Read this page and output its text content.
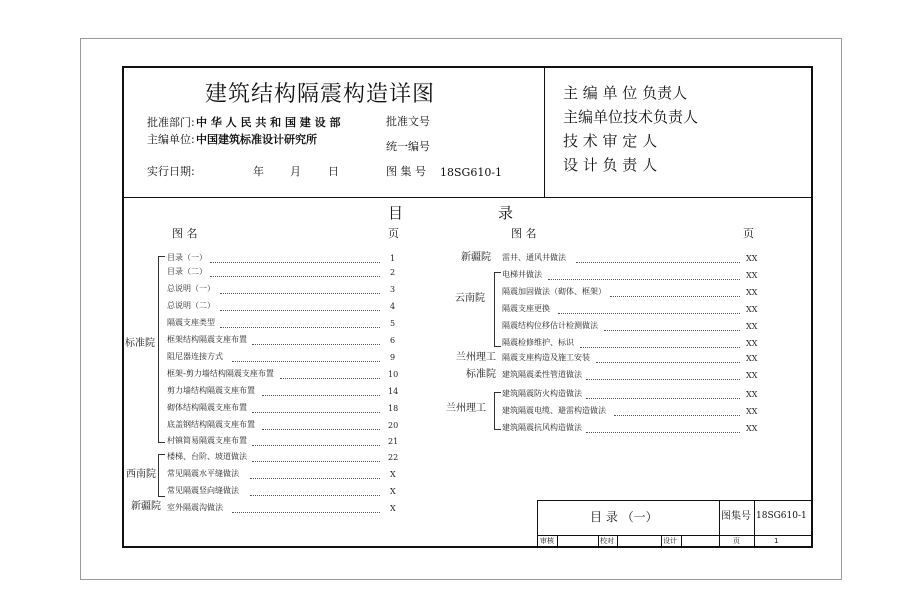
建筑结构隔震构造详图
批准部门: 中 华 人 民 共 和 国 建 设 部
主编单位: 中国建筑标准设计研究所
实行日期:	年 月 日
批准文号
统一编号
图 集 号 18SG610-1
主 编 单 位 负责人
主编单位技术负责人
技 术 审 定 人
设 计 负 责 人
目	录
图 名	页	图 名	页
标准院
西南院
新疆院
目录（一）	1
目录（二）	2
总说明（一）	3
总说明（二）	4
隔震支座类型	5
框架结构隔震支座布置	6
阻尼器连接方式	9
框架-剪力墙结构隔震支座布置	10
剪力墙结构隔震支座布置	14
砌体结构隔震支座布置	18
底盖钢结构隔震支座布置	20
村镇简易隔震支座布置	21
楼梯、台阶、坡道做法	22
常见隔震水平缝做法	X
常见隔震竖向缝做法	X
室外隔震沟做法	X
新疆院
云南院
兰州理工
标准院
兰州理工
雷井、通风井做法	XX
电梯井做法	XX
隔震加固做法（砌体、框架）	XX
隔震支座更换	XX
隔震结构位移估计检测做法	XX
隔震检修维护、标识	XX
隔震支座构造及施工安装	XX
建筑隔震柔性管道做法	XX
建筑隔震防火构造做法	XX
建筑隔震电缆、避雷构造做法	XX
建筑隔震抗风构造做法	XX
目 录 （一）	图集号 18SG610-1
审核	校对	设计	页	1
